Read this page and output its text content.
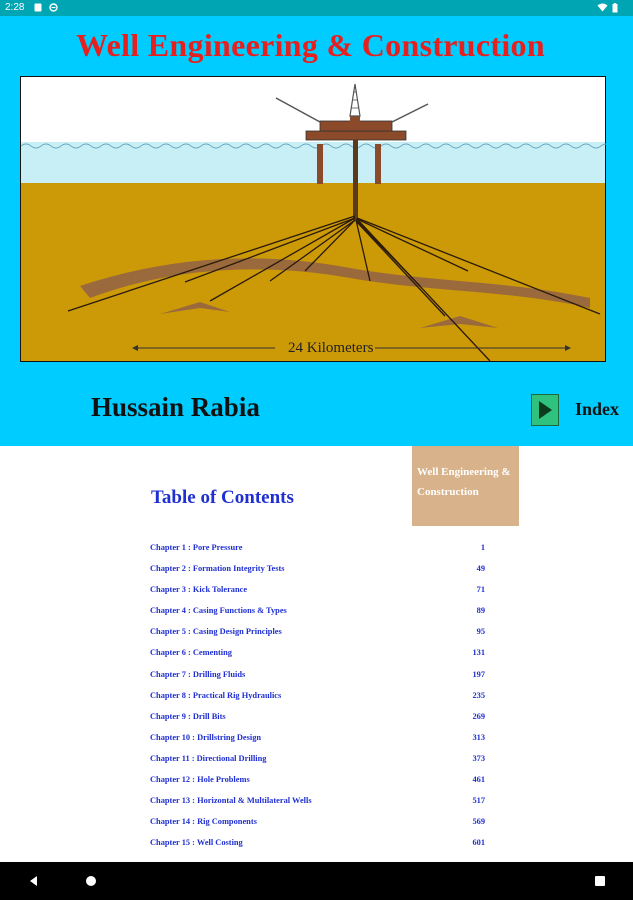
2:28
Well Engineering & Construction
24 Kilometers
Hussain Rabia	Index
Well Engineering &
Construction
Table of Contents
Chapter 1 : Pore Pressure	1
Chapter 2 : Formation Integrity Tests	49
Chapter 3 : Kick Tolerance	71
Chapter 4 : Casing Functions & Types	89
Chapter 5 : Casing Design Principles	95
Chapter 6 : Cementing	131
Chapter 7 : Drilling Fluids	197
Chapter 8 : Practical Rig Hydraulics	235
Chapter 9 : Drill Bits	269
Chapter 10 : Drillstring Design	313
Chapter 11 : Directional Drilling	373
Chapter 12 : Hole Problems	461
Chapter 13 : Horizontal & Multilateral Wells	517
Chapter 14 : Rig Components	569
Chapter 15 : Well Costing	601
